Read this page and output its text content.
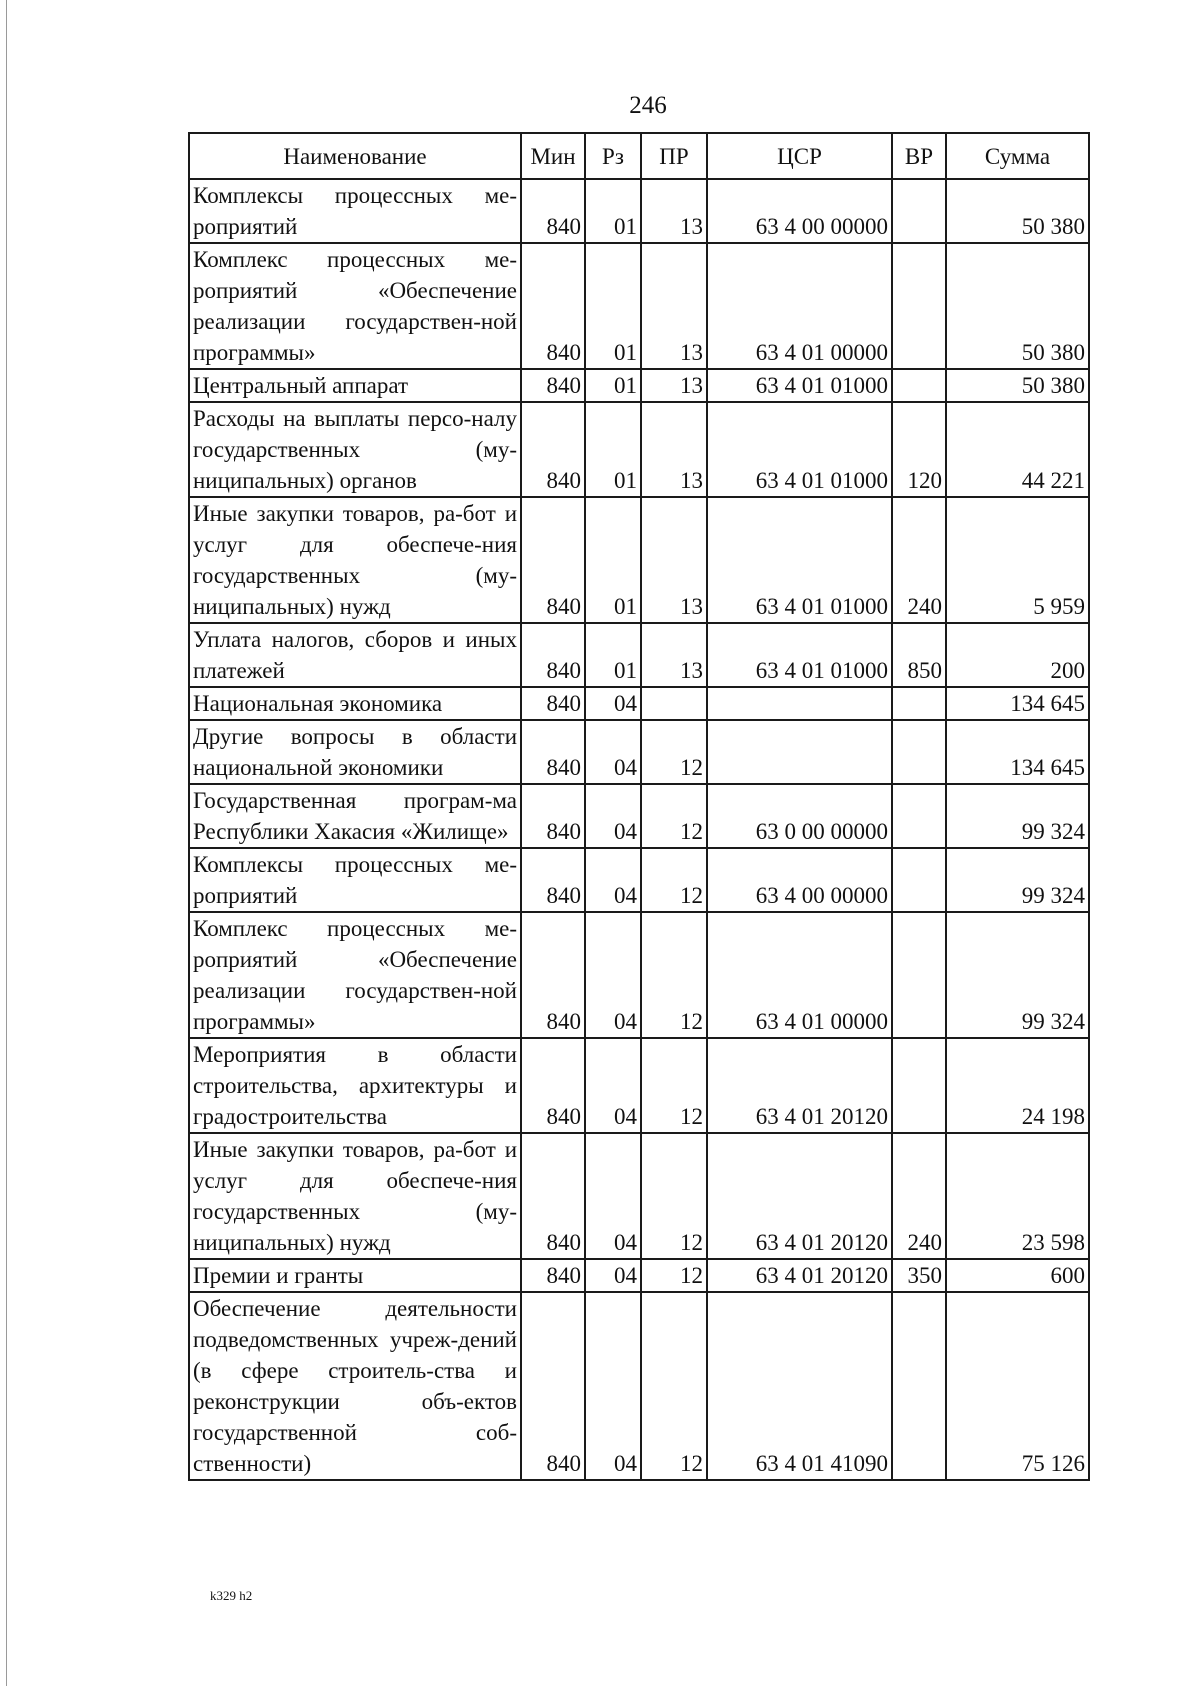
246
Наименование	Мин	Рз	ПР	ЦСР	ВР	Сумма
Комплексы процессных ме-роприятий	840	01	13	63 4 00 00000		50 380
Комплекс процессных ме-роприятий «Обеспечение реализации государствен-ной программы»	840	01	13	63 4 01 00000		50 380
Центральный аппарат	840	01	13	63 4 01 01000		50 380
Расходы на выплаты персо-налу государственных (му-ниципальных) органов	840	01	13	63 4 01 01000	120	44 221
Иные закупки товаров, ра-бот и услуг для обеспече-ния государственных (му-ниципальных) нужд	840	01	13	63 4 01 01000	240	5 959
Уплата налогов, сборов и иных платежей	840	01	13	63 4 01 01000	850	200
Национальная экономика	840	04				134 645
Другие вопросы в области национальной экономики	840	04	12			134 645
Государственная програм-ма Республики Хакасия «Жилище»	840	04	12	63 0 00 00000		99 324
Комплексы процессных ме-роприятий	840	04	12	63 4 00 00000		99 324
Комплекс процессных ме-роприятий «Обеспечение реализации государствен-ной программы»	840	04	12	63 4 01 00000		99 324
Мероприятия в области строительства, архитектуры и градостроительства	840	04	12	63 4 01 20120		24 198
Иные закупки товаров, ра-бот и услуг для обеспече-ния государственных (му-ниципальных) нужд	840	04	12	63 4 01 20120	240	23 598
Премии и гранты	840	04	12	63 4 01 20120	350	600
Обеспечение деятельности подведомственных учреж-дений (в сфере строитель-ства и реконструкции объ-ектов государственной соб-ственности)	840	04	12	63 4 01 41090		75 126
k329 h2
